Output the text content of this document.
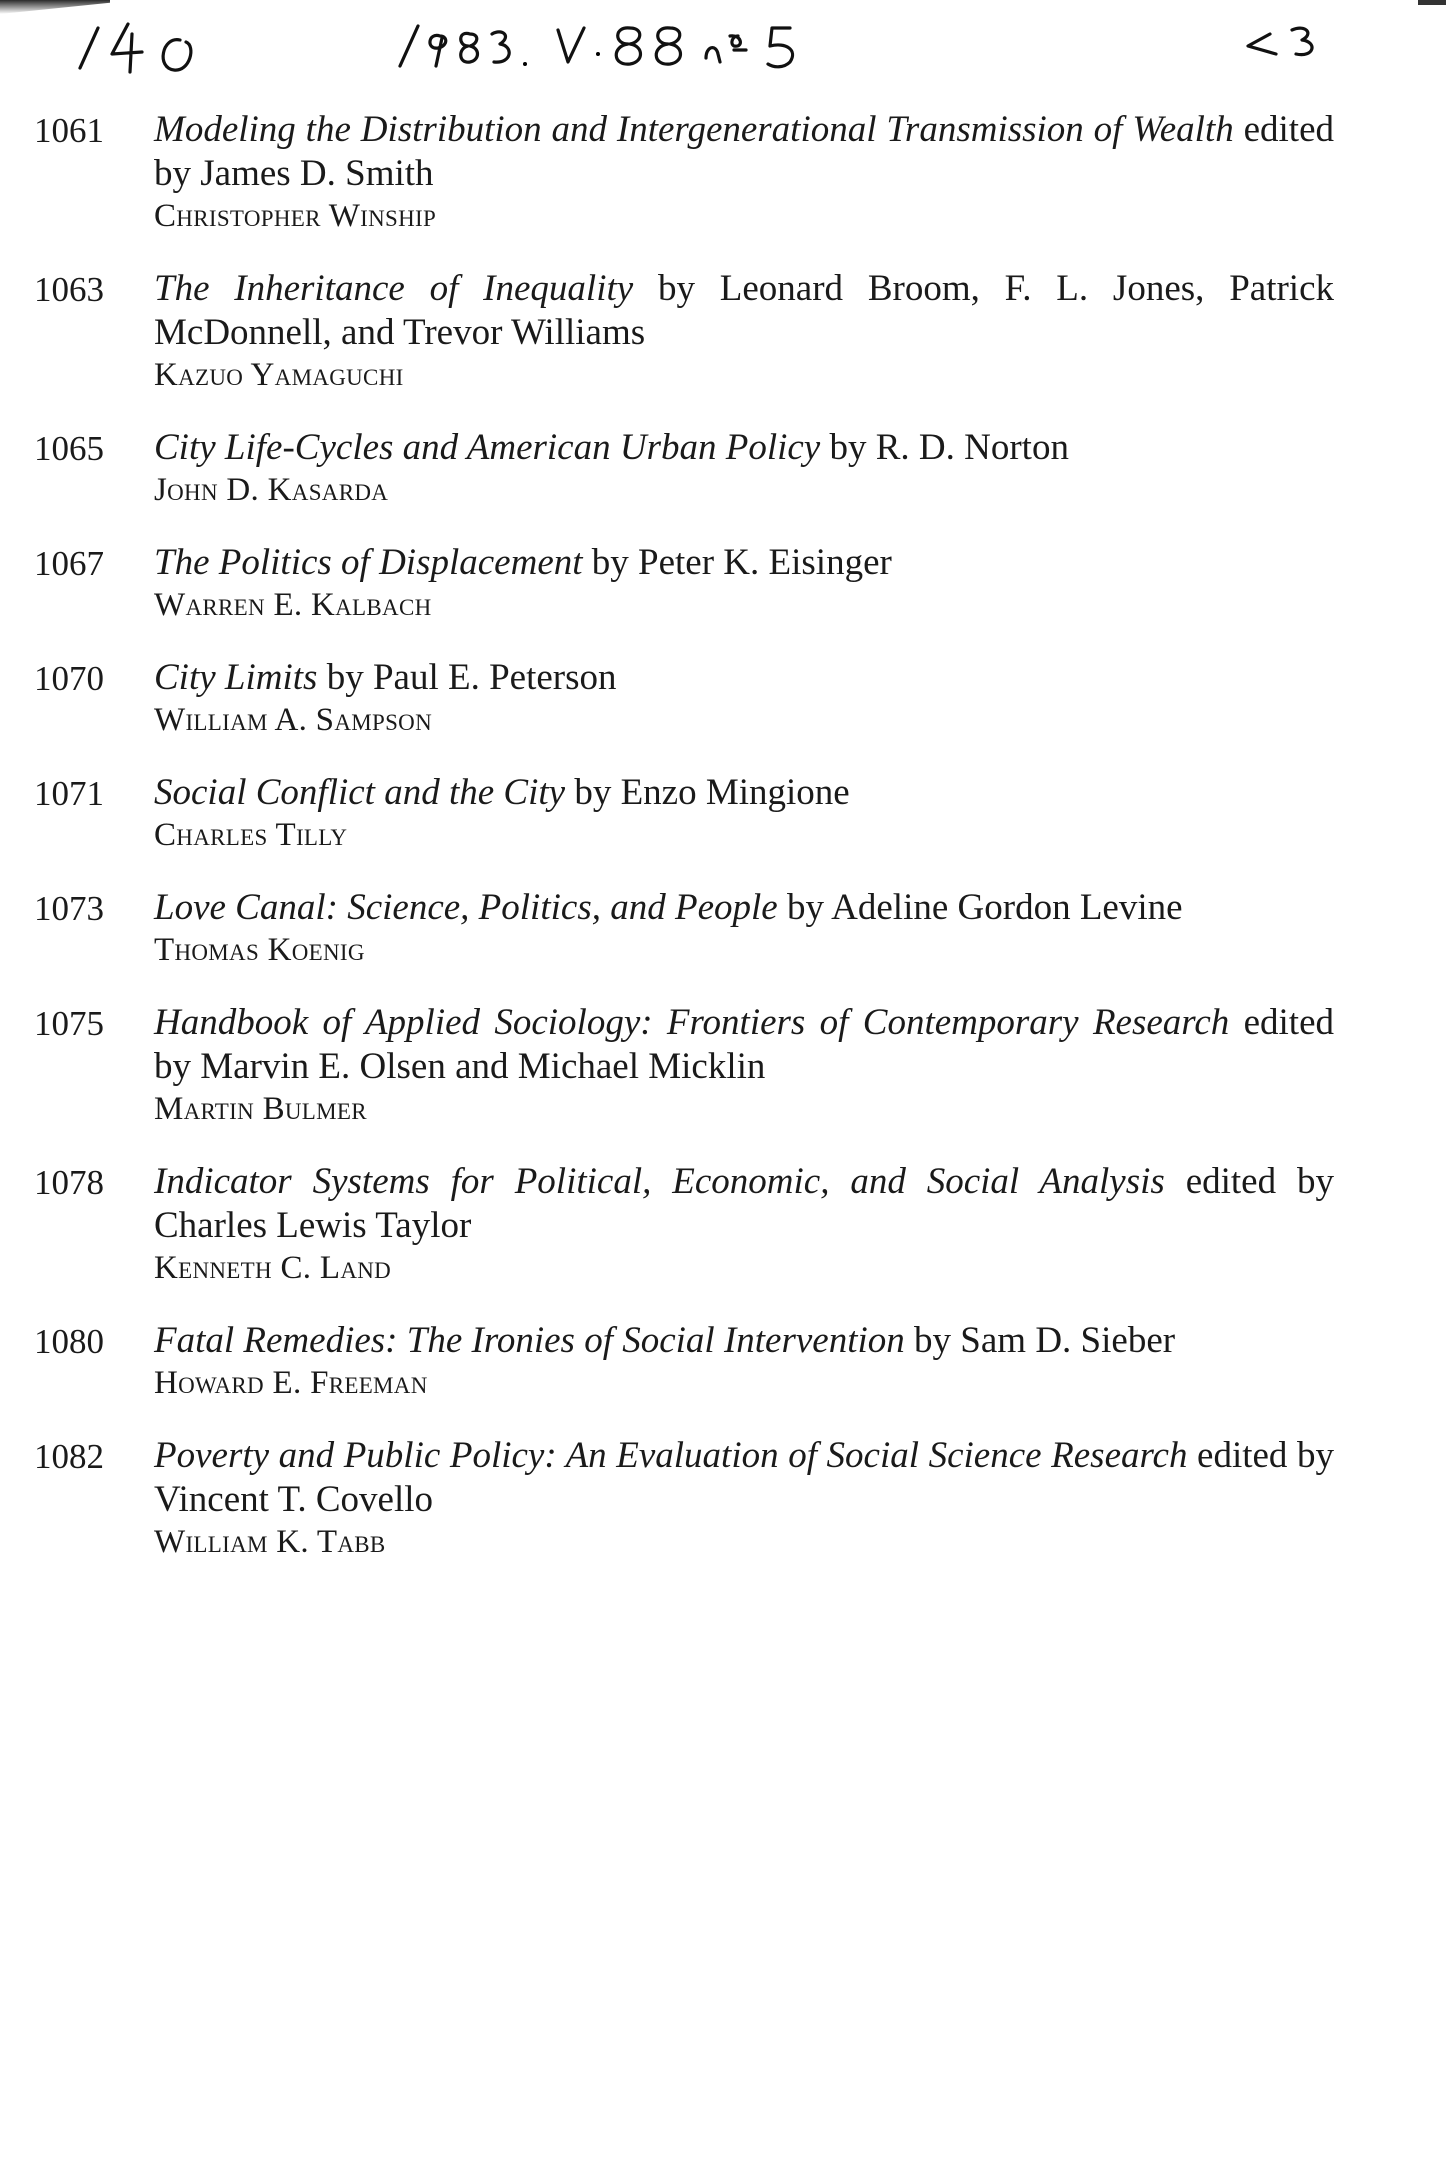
1061	Modeling the Distribution and Intergenerational Transmission of Wealth edited by James D. Smith
Christopher Winship
1063	The Inheritance of Inequality by Leonard Broom, F. L. Jones, Patrick McDonnell, and Trevor Williams
Kazuo Yamaguchi
1065	City Life-Cycles and American Urban Policy by R. D. Norton
John D. Kasarda
1067	The Politics of Displacement by Peter K. Eisinger
Warren E. Kalbach
1070	City Limits by Paul E. Peterson
William A. Sampson
1071	Social Conflict and the City by Enzo Mingione
Charles Tilly
1073	Love Canal: Science, Politics, and People by Adeline Gordon Levine
Thomas Koenig
1075	Handbook of Applied Sociology: Frontiers of Contemporary Research edited by Marvin E. Olsen and Michael Micklin
Martin Bulmer
1078	Indicator Systems for Political, Economic, and Social Analysis edited by Charles Lewis Taylor
Kenneth C. Land
1080	Fatal Remedies: The Ironies of Social Intervention by Sam D. Sieber
Howard E. Freeman
1082	Poverty and Public Policy: An Evaluation of Social Science Research edited by Vincent T. Covello
William K. Tabb
